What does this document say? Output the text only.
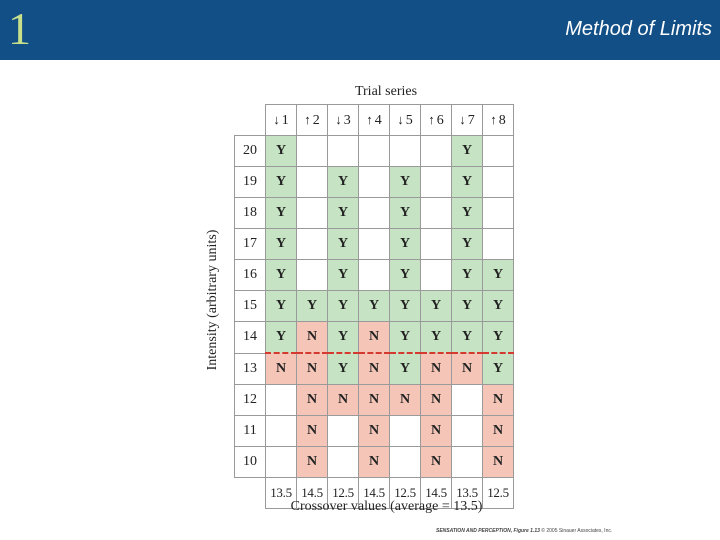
1	Method of Limits
Trial series
Intensity (arbitrary units)
	↓ 1	↑ 2	↓ 3	↑ 4	↓ 5	↑ 6	↓ 7	↑ 8
20	Y						Y	
19	Y		Y		Y		Y	
18	Y		Y		Y		Y	
17	Y		Y		Y		Y	
16	Y		Y		Y		Y	Y
15	Y	Y	Y	Y	Y	Y	Y	Y
14	Y	N	Y	N	Y	Y	Y	Y
13	N	N	Y	N	Y	N	N	Y
12		N	N	N	N	N		N
11		N		N		N		N
10		N		N		N		N
	13.5	14.5	12.5	14.5	12.5	14.5	13.5	12.5
Crossover values (average = 13.5)
SENSATION AND PERCEPTION, Figure 1.13 © 2005 Sinauer Associates, Inc.
